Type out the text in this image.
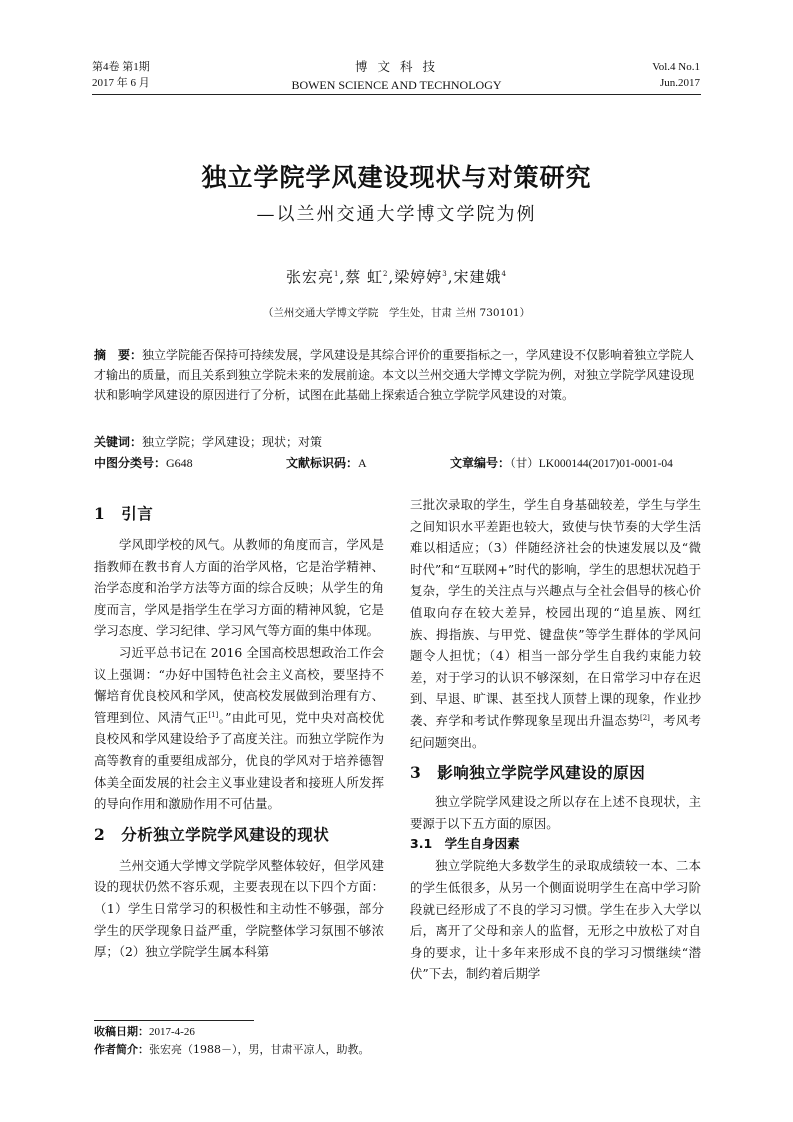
第4卷 第1期
2017 年 6 月
博 文 科 技
BOWEN SCIENCE AND TECHNOLOGY
Vol.4 No.1
Jun.2017
独立学院学风建设现状与对策研究
—以兰州交通大学博文学院为例
张宏亮$^1$,蔡 虹$^2$,梁婷婷$^3$,宋建娥$^4$
（兰州交通大学博文学院　学生处，甘肃 兰州 730101）
摘　要：独立学院能否保持可持续发展，学风建设是其综合评价的重要指标之一，学风建设不仅影响着独立学院人才输出的质量，而且关系到独立学院未来的发展前途。本文以兰州交通大学博文学院为例，对独立学院学风建设现状和影响学风建设的原因进行了分析，试图在此基础上探索适合独立学院学风建设的对策。
关键词：独立学院；学风建设；现状；对策
中图分类号：G648	文献标识码：A	文章编号：（甘）LK000144(2017)01-0001-04
1　引言

学风即学校的风气。从教师的角度而言，学风是指教师在教书育人方面的治学风格，它是治学精神、治学态度和治学方法等方面的综合反映；从学生的角度而言，学风是指学生在学习方面的精神风貌，它是学习态度、学习纪律、学习风气等方面的集中体现。

习近平总书记在 2016 全国高校思想政治工作会议上强调：“办好中国特色社会主义高校，要坚持不懈培育优良校风和学风，使高校发展做到治理有方、管理到位、风清气正[1]。”由此可见，党中央对高校优良校风和学风建设给予了高度关注。而独立学院作为高等教育的重要组成部分，优良的学风对于培养德智体美全面发展的社会主义事业建设者和接班人所发挥的导向作用和激励作用不可估量。

2　分析独立学院学风建设的现状

兰州交通大学博文学院学风整体较好，但学风建设的现状仍然不容乐观，主要表现在以下四个方面：（1）学生日常学习的积极性和主动性不够强，部分学生的厌学现象日益严重，学院整体学习氛围不够浓厚；（2）独立学院学生属本科第

三批次录取的学生，学生自身基础较差，学生与学生之间知识水平差距也较大，致使与快节奏的大学生活难以相适应；（3）伴随经济社会的快速发展以及“微时代”和“互联网+”时代的影响，学生的思想状况趋于复杂，学生的关注点与兴趣点与全社会倡导的核心价值取向存在较大差异，校园出现的“追星族、网红族、拇指族、与甲党、键盘侠”等学生群体的学风问题令人担忧；（4）相当一部分学生自我约束能力较差，对于学习的认识不够深刻，在日常学习中存在迟到、早退、旷课、甚至找人顶替上课的现象，作业抄袭、弃学和考试作弊现象呈现出升温态势[2]，考风考纪问题突出。

3　影响独立学院学风建设的原因

独立学院学风建设之所以存在上述不良现状，主要源于以下五方面的原因。

3.1　学生自身因素

独立学院绝大多数学生的录取成绩较一本、二本的学生低很多，从另一个侧面说明学生在高中学习阶段就已经形成了不良的学习习惯。学生在步入大学以后，离开了父母和亲人的监督，无形之中放松了对自身的要求，让十多年来形成不良的学习习惯继续“潜伏”下去，制约着后期学

收稿日期：2017-4-26
作者简介：张宏亮（1988－），男，甘肃平凉人，助教。
